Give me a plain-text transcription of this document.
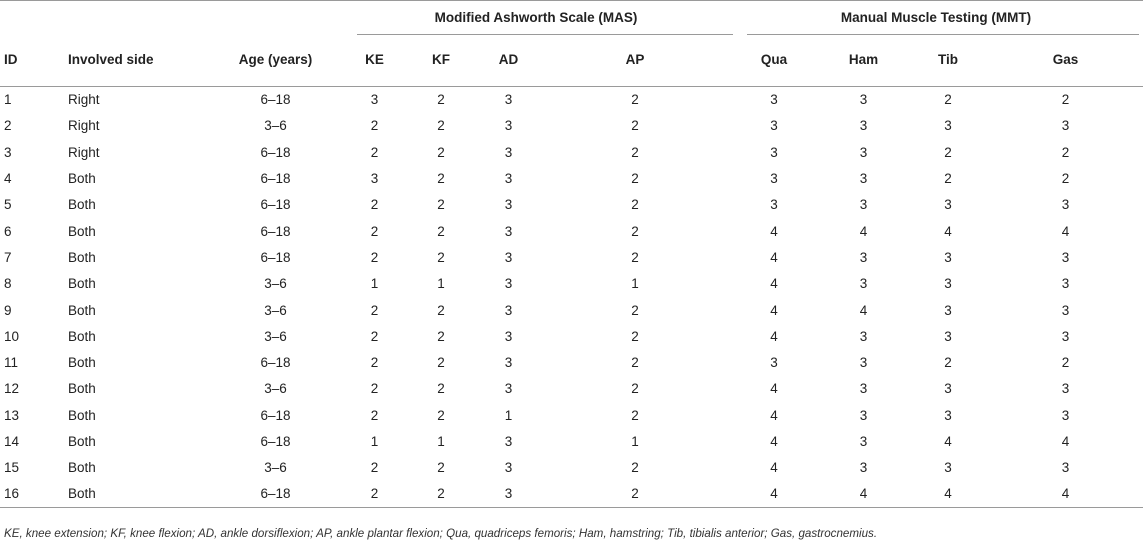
			Modified Ashworth Scale (MAS)				Manual Muscle Testing (MMT)			

ID	Involved side	Age (years)	KE	KF	AD	AP	Qua	Ham	Tib	Gas
1	Right	6–18	3	2	3	2	3	3	2	2
2	Right	3–6	2	2	3	2	3	3	3	3
3	Right	6–18	2	2	3	2	3	3	2	2
4	Both	6–18	3	2	3	2	3	3	2	2
5	Both	6–18	2	2	3	2	3	3	3	3
6	Both	6–18	2	2	3	2	4	4	4	4
7	Both	6–18	2	2	3	2	4	3	3	3
8	Both	3–6	1	1	3	1	4	3	3	3
9	Both	3–6	2	2	3	2	4	4	3	3
10	Both	3–6	2	2	3	2	4	3	3	3
11	Both	6–18	2	2	3	2	3	3	2	2
12	Both	3–6	2	2	3	2	4	3	3	3
13	Both	6–18	2	2	1	2	4	3	3	3
14	Both	6–18	1	1	3	1	4	3	4	4
15	Both	3–6	2	2	3	2	4	3	3	3
16	Both	6–18	2	2	3	2	4	4	4	4
KE, knee extension; KF, knee flexion; AD, ankle dorsiflexion; AP, ankle plantar flexion; Qua, quadriceps femoris; Ham, hamstring; Tib, tibialis anterior; Gas, gastrocnemius.
